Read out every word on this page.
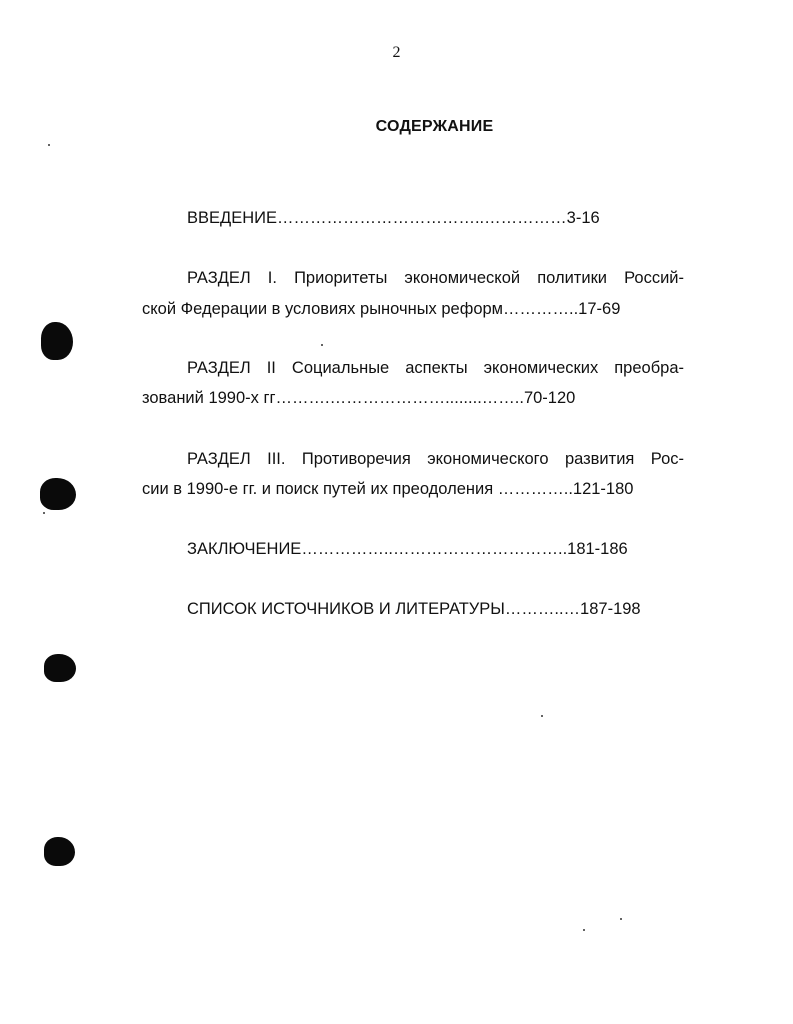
2
СОДЕРЖАНИЕ
ВВЕДЕНИЕ………………………………..……………3-16
РАЗДЕЛ I. Приоритеты экономической политики Россий-
ской Федерации в условиях рыночных реформ…………..17-69
РАЗДЕЛ II Социальные аспекты экономических преобра-
зований 1990-х гг……….…………………........……..70-120
РАЗДЕЛ III. Противоречия экономического развития Рос-
сии в 1990-е гг. и поиск путей их преодоления …………..121-180
ЗАКЛЮЧЕНИЕ……………..…………………………..181-186
СПИСОК ИСТОЧНИКОВ И ЛИТЕРАТУРЫ………..…187-198
